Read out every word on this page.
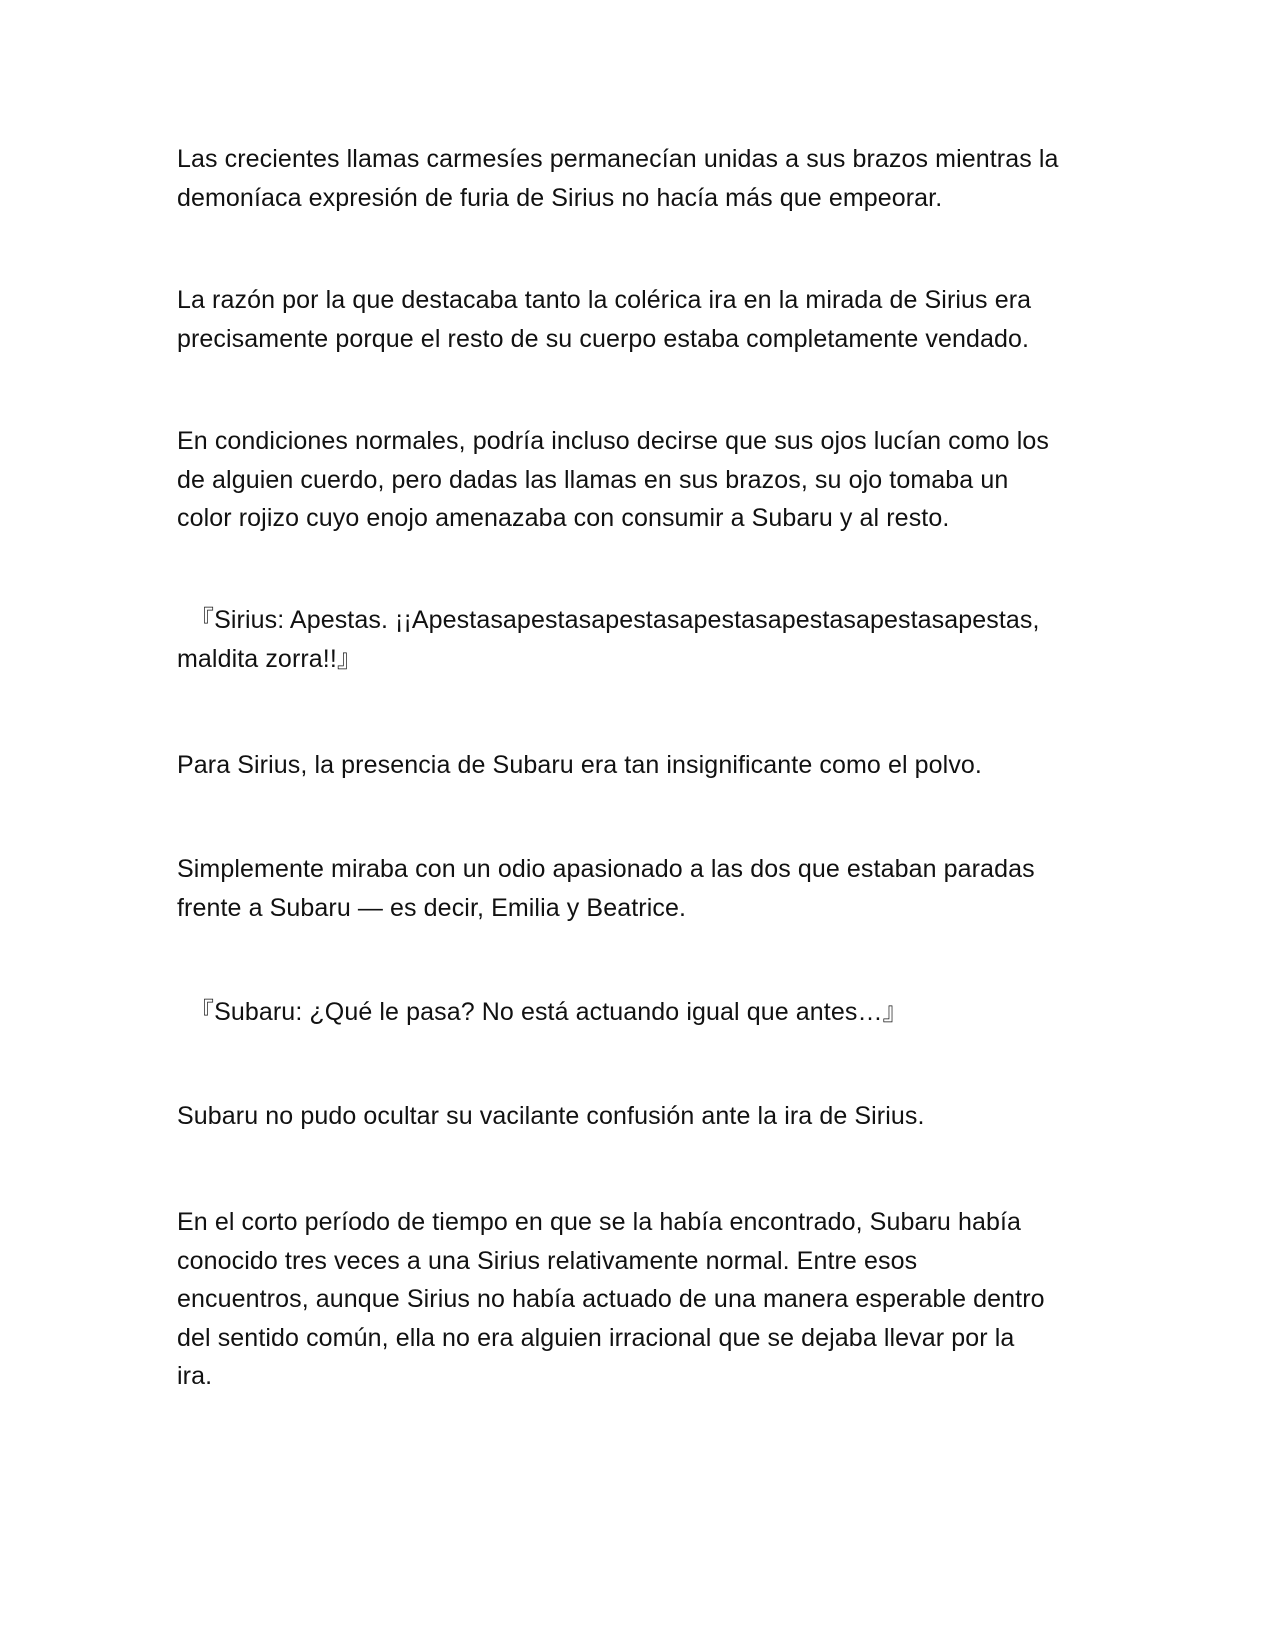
Las crecientes llamas carmesíes permanecían unidas a sus brazos mientras la
demoníaca expresión de furia de Sirius no hacía más que empeorar.

La razón por la que destacaba tanto la colérica ira en la mirada de Sirius era
precisamente porque el resto de su cuerpo estaba completamente vendado.

En condiciones normales, podría incluso decirse que sus ojos lucían como los
de alguien cuerdo, pero dadas las llamas en sus brazos, su ojo tomaba un
color rojizo cuyo enojo amenazaba con consumir a Subaru y al resto.

『Sirius: Apestas. ¡¡Apestasapestasapestasapestasapestasapestasapestas,
maldita zorra!!』

Para Sirius, la presencia de Subaru era tan insignificante como el polvo.

Simplemente miraba con un odio apasionado a las dos que estaban paradas
frente a Subaru — es decir, Emilia y Beatrice.

『Subaru: ¿Qué le pasa? No está actuando igual que antes…』

Subaru no pudo ocultar su vacilante confusión ante la ira de Sirius.

En el corto período de tiempo en que se la había encontrado, Subaru había
conocido tres veces a una Sirius relativamente normal. Entre esos
encuentros, aunque Sirius no había actuado de una manera esperable dentro
del sentido común, ella no era alguien irracional que se dejaba llevar por la
ira.
